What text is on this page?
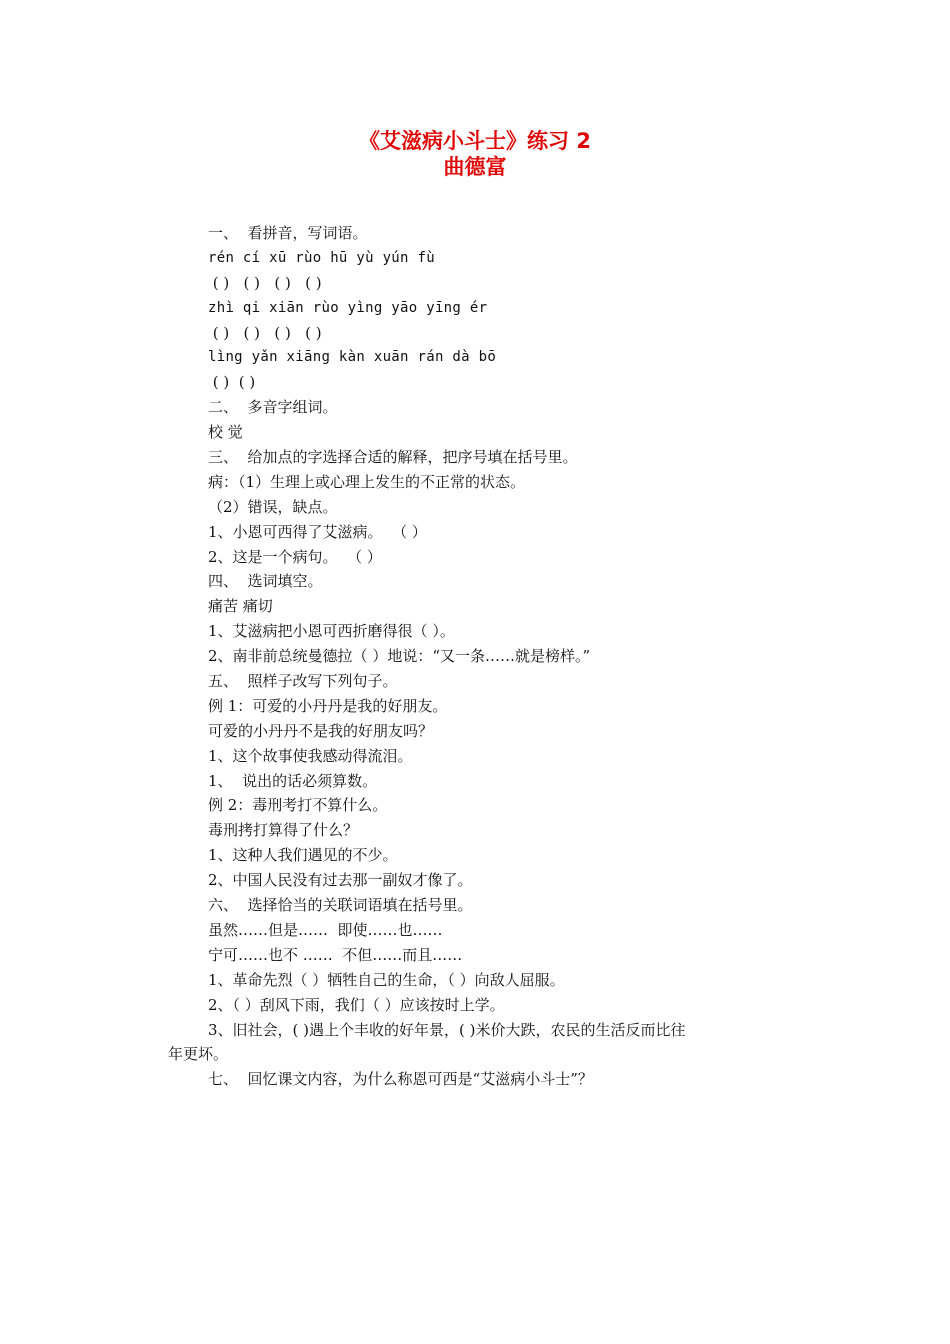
《艾滋病小斗士》练习 2
曲德富
一、  看拼音，写词语。
rén cí xū rùo hū yù yún fù
( )   ( )   ( )   ( )
zhì qi xiān rùo yìng yāo yīng ér
( )   ( )   ( )   ( )
lìng yǎn xiāng kàn xuān rán dà bō
( )  ( )
二、  多音字组词。
校 觉
三、  给加点的字选择合适的解释，把序号填在括号里。
病：（1）生理上或心理上发生的不正常的状态。
（2）错误，缺点。
1、小恩可西得了艾滋病。  （ ）
2、这是一个病句。  （ ）
四、  选词填空。
痛苦 痛切
1、艾滋病把小恩可西折磨得很（ ）。
2、南非前总统曼德拉（ ）地说：“又一条……就是榜样。”
五、  照样子改写下列句子。
例 1：可爱的小丹丹是我的好朋友。
可爱的小丹丹不是我的好朋友吗？
1、这个故事使我感动得流泪。
1、  说出的话必须算数。
例 2：毒刑考打不算什么。
毒刑拷打算得了什么？
1、这种人我们遇见的不少。
2、中国人民没有过去那一副奴才像了。
六、  选择恰当的关联词语填在括号里。
虽然……但是……  即使……也……
宁可……也不 ……  不但……而且……
1、革命先烈（ ）牺牲自己的生命，（ ）向敌人屈服。
2、（ ）刮风下雨，我们（ ）应该按时上学。
3、旧社会，( )遇上个丰收的好年景，( )米价大跌，农民的生活反而比往
年更坏。
七、  回忆课文内容，为什么称恩可西是“艾滋病小斗士”？
